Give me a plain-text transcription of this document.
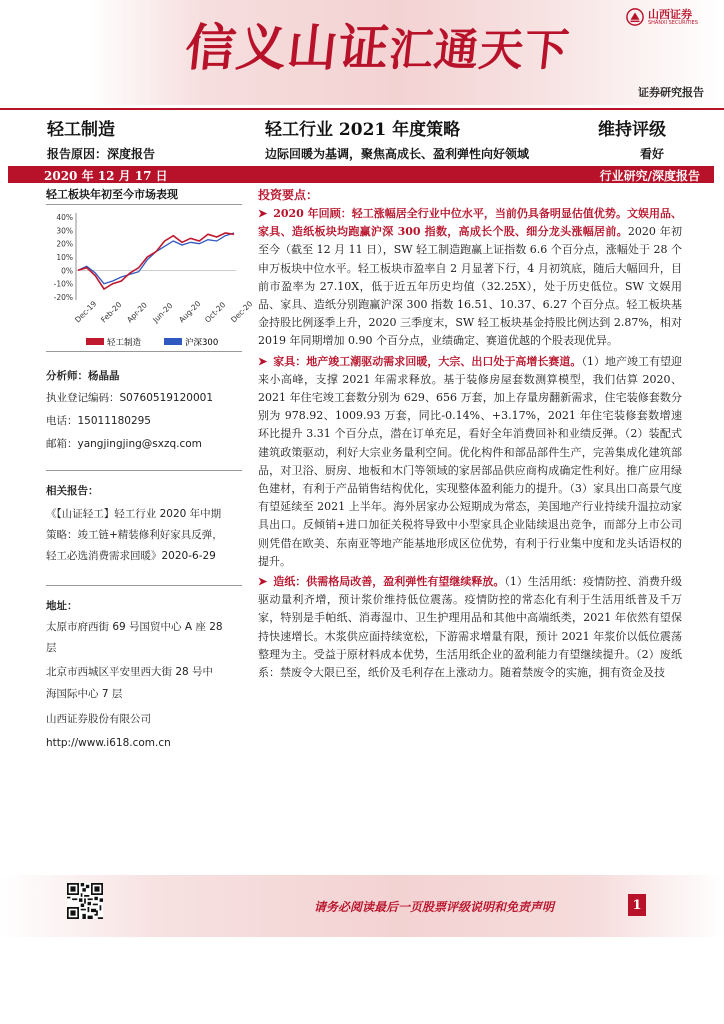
信义山证汇通天下
山西证券
SHANXI SECURITIES
证券研究报告
轻工制造	轻工行业 2021 年度策略	维持评级
报告原因：深度报告	边际回暖为基调，聚焦高成长、盈利弹性向好领域	看好
2020 年 12 月 17 日	行业研究/深度报告
轻工板块年初至今市场表现
40%
30%
20%
10%
0%
-10%
-20%
Dec-19 Feb-20 Apr-20 Jun-20 Aug-20 Oct-20 Dec-20
轻工制造	沪深300
分析师：杨晶晶
执业登记编码：S0760519120001
电话：15011180295
邮箱：yangjingjing@sxzq.com
相关报告：
《【山证轻工】轻工行业 2020 年中期
策略：竣工链+精装修利好家具反弹，
轻工必选消费需求回暖》2020-6-29
地址：
太原市府西街 69 号国贸中心 A 座 28
层
北京市西城区平安里西大街 28 号中
海国际中心 7 层
山西证券股份有限公司
http://www.i618.com.cn
投资要点：
➤ 2020 年回顾：轻工涨幅居全行业中位水平，当前仍具备明显估值优势。文娱用品、家具、造纸板块均跑赢沪深 300 指数，高成长个股、细分龙头涨幅居前。2020 年初至今（截至 12 月 11 日），SW 轻工制造跑赢上证指数 6.6 个百分点，涨幅处于 28 个申万板块中位水平。轻工板块市盈率自 2 月显著下行，4 月初筑底，随后大幅回升，目前市盈率为 27.10X，低于近五年历史均值（32.25X），处于历史低位。SW 文娱用品、家具、造纸分别跑赢沪深 300 指数 16.51、10.37、6.27 个百分点。轻工板块基金持股比例逐季上升，2020 三季度末，SW 轻工板块基金持股比例达到 2.87%，相对 2019 年同期增加 0.90 个百分点，业绩确定、赛道优越的个股表现优异。
➤ 家具：地产竣工潮驱动需求回暖，大宗、出口处于高增长赛道。（1）地产竣工有望迎来小高峰，支撑 2021 年需求释放。基于装修房屋套数测算模型，我们估算 2020、2021 年住宅竣工套数分别为 629、656 万套，加上存量房翻新需求，住宅装修套数分别为 978.92、1009.93 万套，同比-0.14%、+3.17%，2021 年住宅装修套数增速环比提升 3.31 个百分点，潜在订单充足，看好全年消费回补和业绩反弹。（2）装配式建筑政策驱动，利好大宗业务量利空间。优化构件和部品部件生产，完善集成化建筑部品，对卫浴、厨房、地板和木门等领域的家居部品供应商构成确定性利好。推广应用绿色建材，有利于产品销售结构优化，实现整体盈利能力的提升。（3）家具出口高景气度有望延续至 2021 上半年。海外居家办公短期成为常态，美国地产行业持续升温拉动家具出口。反倾销+进口加征关税将导致中小型家具企业陆续退出竞争，而部分上市公司则凭借在欧美、东南亚等地产能基地形成区位优势，有利于行业集中度和龙头话语权的提升。
➤ 造纸：供需格局改善，盈利弹性有望继续释放。（1）生活用纸：疫情防控、消费升级驱动量利齐增，预计浆价维持低位震荡。疫情防控的常态化有利于生活用纸普及千万家，特别是手帕纸、消毒湿巾、卫生护理用品和其他中高端纸类，2021 年依然有望保持快速增长。木浆供应面持续宽松，下游需求增量有限，预计 2021 年浆价以低位震荡整理为主。受益于原材料成本优势，生活用纸企业的盈利能力有望继续提升。（2）废纸系：禁废令大限已至，纸价及毛利存在上涨动力。随着禁废令的实施，拥有资金及技
请务必阅读最后一页股票评级说明和免责声明	1
